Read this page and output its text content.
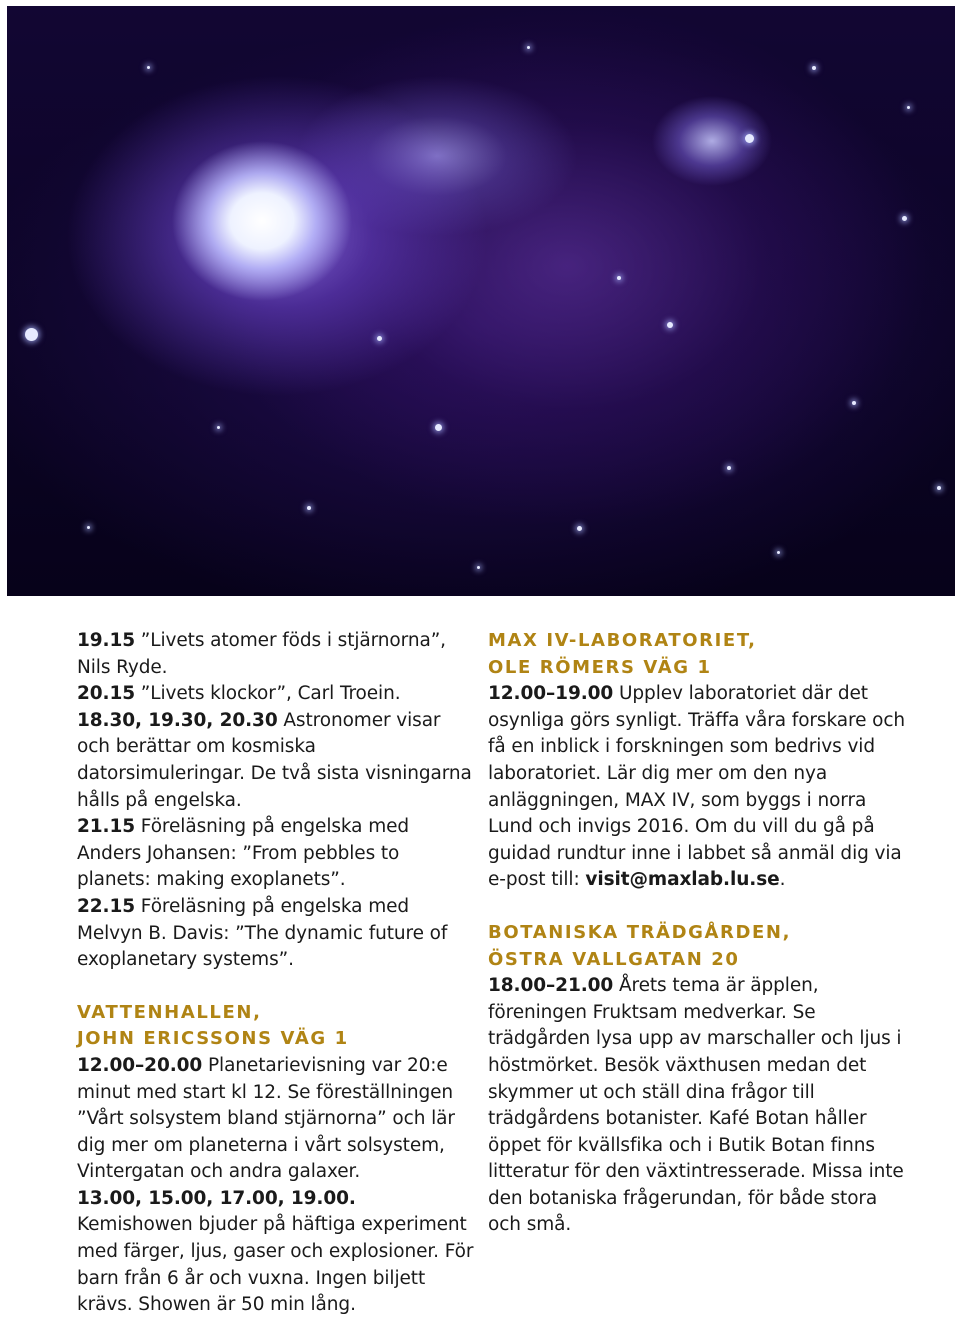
19.15 ”Livets atomer föds i stjärnorna”, Nils Ryde.

20.15 ”Livets klockor”, Carl Troein.

18.30, 19.30, 20.30 Astronomer visar och berättar om kosmiska datorsimuleringar. De två sista visningarna hålls på engelska.

21.15 Föreläsning på engelska med Anders Johansen: ”From pebbles to planets: making exoplanets”.

22.15 Föreläsning på engelska med Melvyn B. Davis: ”The dynamic future of exoplanetary systems”.

VATTENHALLEN,

JOHN ERICSSONS VÄG 1

12.00–20.00 Planetarievisning var 20:e minut med start kl 12. Se föreställningen ”Vårt solsystem bland stjärnorna” och lär dig mer om planeterna i vårt solsystem, Vintergatan och andra galaxer.

13.00, 15.00, 17.00, 19.00. Kemishowen bjuder på häftiga experiment med färger, ljus, gaser och explosioner. För barn från 6 år och vuxna. Ingen biljett krävs. Showen är 50 min lång.

MAX IV-LABORATORIET,

OLE RÖMERS VÄG 1

12.00–19.00 Upplev laboratoriet där det osynliga görs synligt. Träffa våra forskare och få en inblick i forskningen som bedrivs vid laboratoriet. Lär dig mer om den nya anläggningen, MAX IV, som byggs i norra Lund och invigs 2016. Om du vill du gå på guidad rundtur inne i labbet så anmäl dig via e-post till: visit@maxlab.lu.se.

BOTANISKA TRÄDGÅRDEN,

ÖSTRA VALLGATAN 20

18.00–21.00 Årets tema är äpplen, föreningen Fruktsam medverkar. Se trädgården lysa upp av marschaller och ljus i höstmörket. Besök växthusen medan det skymmer ut och ställ dina frågor till trädgårdens botanister. Kafé Botan håller öppet för kvällsfika och i Butik Botan finns litteratur för den växtintresserade. Missa inte den botaniska frågerundan, för både stora och små.
